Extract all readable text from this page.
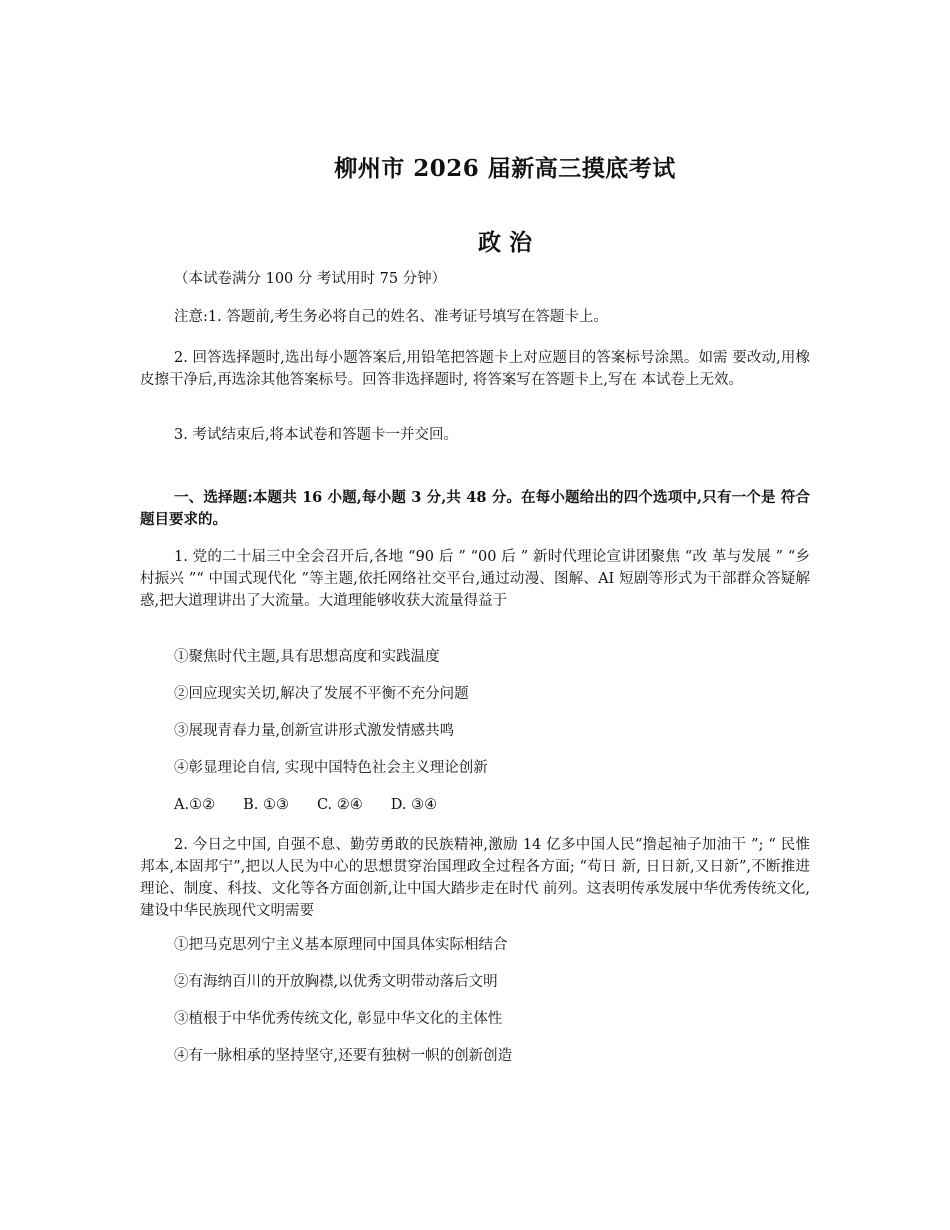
柳州市 2026 届新高三摸底考试
政 治
（本试卷满分 100 分 考试用时 75 分钟）
注意:1. 答题前,考生务必将自己的姓名、准考证号填写在答题卡上。
2. 回答选择题时,选出每小题答案后,用铅笔把答题卡上对应题目的答案标号涂黑。如需 要改动,用橡皮擦干净后,再选涂其他答案标号。回答非选择题时, 将答案写在答题卡上,写在 本试卷上无效。
3. 考试结束后,将本试卷和答题卡一并交回。
一、选择题:本题共 16 小题,每小题 3 分,共 48 分。在每小题给出的四个选项中,只有一个是 符合题目要求的。
1. 党的二十届三中全会召开后,各地 “90 后 ” “00 后 ” 新时代理论宣讲团聚焦 “改 革与发展 ” “乡村振兴 ”“ 中国式现代化 ”等主题,依托网络社交平台,通过动漫、图解、AI 短剧等形式为干部群众答疑解惑,把大道理讲出了大流量。大道理能够收获大流量得益于
①聚焦时代主题,具有思想高度和实践温度
②回应现实关切,解决了发展不平衡不充分问题
③展现青春力量,创新宣讲形式激发情感共鸣
④彰显理论自信, 实现中国特色社会主义理论创新
A.①② B. ①③ C. ②④ D. ③④
2. 今日之中国, 自强不息、勤劳勇敢的民族精神,激励 14 亿多中国人民“撸起袖子加油干 ”; “ 民惟邦本,本固邦宁”,把以人民为中心的思想贯穿治国理政全过程各方面; “苟日 新, 日日新,又日新”,不断推进理论、制度、科技、文化等各方面创新,让中国大踏步走在时代 前列。这表明传承发展中华优秀传统文化, 建设中华民族现代文明需要
①把马克思列宁主义基本原理同中国具体实际相结合
②有海纳百川的开放胸襟,以优秀文明带动落后文明
③植根于中华优秀传统文化, 彰显中华文化的主体性
④有一脉相承的坚持坚守,还要有独树一帜的创新创造
